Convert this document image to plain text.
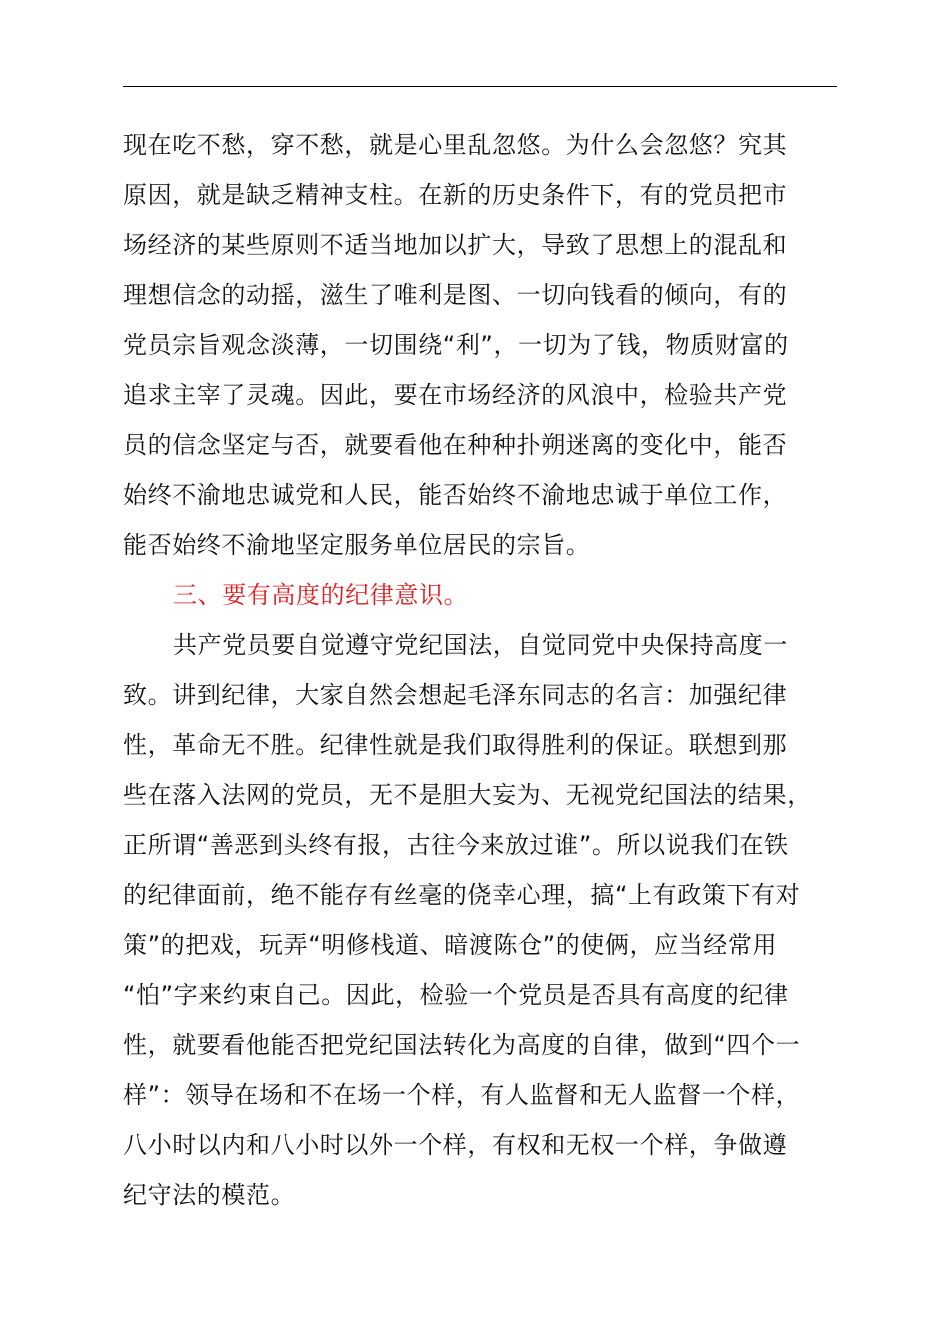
现在吃不愁，穿不愁，就是心里乱忽悠。为什么会忽悠？究其
原因，就是缺乏精神支柱。在新的历史条件下，有的党员把市
场经济的某些原则不适当地加以扩大，导致了思想上的混乱和
理想信念的动摇，滋生了唯利是图、一切向钱看的倾向，有的
党员宗旨观念淡薄，一切围绕“利”，一切为了钱，物质财富的
追求主宰了灵魂。因此，要在市场经济的风浪中，检验共产党
员的信念坚定与否，就要看他在种种扑朔迷离的变化中，能否
始终不渝地忠诚党和人民，能否始终不渝地忠诚于单位工作，
能否始终不渝地坚定服务单位居民的宗旨。
三、要有高度的纪律意识。
共产党员要自觉遵守党纪国法，自觉同党中央保持高度一
致。讲到纪律，大家自然会想起毛泽东同志的名言：加强纪律
性，革命无不胜。纪律性就是我们取得胜利的保证。联想到那
些在落入法网的党员，无不是胆大妄为、无视党纪国法的结果，
正所谓“善恶到头终有报，古往今来放过谁”。所以说我们在铁
的纪律面前，绝不能存有丝毫的侥幸心理，搞“上有政策下有对
策”的把戏，玩弄“明修栈道、暗渡陈仓”的使俩，应当经常用
“怕”字来约束自己。因此，检验一个党员是否具有高度的纪律
性，就要看他能否把党纪国法转化为高度的自律，做到“四个一
样”：领导在场和不在场一个样，有人监督和无人监督一个样，
八小时以内和八小时以外一个样，有权和无权一个样，争做遵
纪守法的模范。
